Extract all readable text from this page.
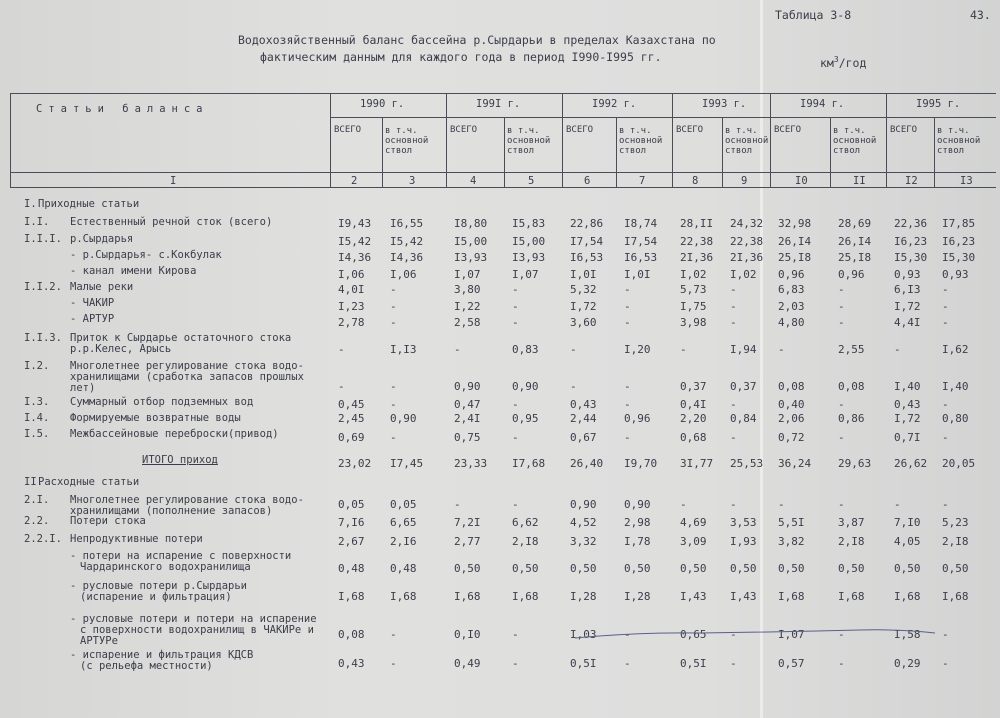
Таблица 3-8	43.
Водохозяйственный баланс бассейна р.Сырдарьи в пределах Казахстана по
фактическим данным для каждого года в период I990-I995 гг.	$км^3$/год
Статьи баланса	1990 г.	I99I г.	I992 г.	I993 г.	I994 г.	I995 г.
ВСЕГО	в т.ч.
основной
ствол
ВСЕГО	в т.ч.
основной
ствол
ВСЕГО	в т.ч.
основной
ствол
ВСЕГО в т.ч.
основной
ствол
ВСЕГО	в т.ч.
основной
ствол
ВСЕГО в т.ч.
основной
ствол
I	2	3	4	5	6	7	8	9	I0	II	I2	I3
I. Приходные статьи
I.I. Естественный речной сток (всего)	I9,43 I6,55	I8,80 I5,83 22,86 I8,74 28,II 24,32 32,98 28,69 22,36 I7,85
I.I.I. р.Сырдарья	I5,42 I5,42	I5,00 I5,00 I7,54 I7,54 22,38 22,38 26,I4 26,I4 I6,23 I6,23
- р.Сырдарья- с.Кокбулак	I4,36 I4,36	I3,93 I3,93 I6,53 I6,53 2I,36 2I,36 25,I8 25,I8 I5,30 I5,30
- канал имени Кирова	I,06 I,06	I,07	I,07	I,0I	I,0I	I,02 I,02 0,96	0,96	0,93 0,93
I.I.2. Малые реки	4,0I -	3,80	-	5,32	-	5,73 -	6,83	-	6,I3 -
- ЧАКИР	I,23 -	I,22	-	I,72	-	I,75 -	2,03	-	I,72 -
- АРТУР	2,78 -	2,58	-	3,60	-	3,98 -	4,80	-	4,4I -
I.I.3. Приток к Сырдарье остаточного стока
р.р.Келес, Арысь	-	I,I3	-	0,83	-	I,20	-	I,94 -	2,55	-	I,62
I.2. Многолетнее регулирование стока водо-
хранилищами (сработка запасов прошлых
лет)	-	-	0,90	0,90	-	-	0,37 0,37 0,08	0,08	I,40 I,40
I.3. Суммарный отбор подземных вод	0,45 -	0,47	-	0,43	-	0,4I -	0,40	-	0,43 -
I.4. Формируемые возвратные воды	2,45 0,90	2,4I	0,95	2,44	0,96	2,20 0,84 2,06	0,86	I,72 0,80
I.5. Межбассейновые переброски(привод)	0,69 -	0,75	-	0,67	-	0,68 -	0,72	-	0,7I -
ИТОГО приход	23,02 I7,45	23,33 I7,68 26,40 I9,70 3I,77 25,53 36,24 29,63 26,62 20,05
II.
Расходные статьи
2.I. Многолетнее регулирование стока водо-
хранилищами (пополнение запасов)	0,05 0,05	-	-	0,90	0,90	-	-	-	-	-	-
2.2. Потери стока	7,I6 6,65	7,2I	6,62	4,52	2,98	4,69 3,53 5,5I	3,87	7,I0 5,23
2.2.I. Непродуктивные потери	2,67 2,I6	2,77	2,I8	3,32	I,78	3,09 I,93 3,82	2,I8	4,05 2,I8
- потери на испарение с поверхности
Чардаринского водохранилища	0,48 0,48	0,50	0,50	0,50	0,50	0,50 0,50 0,50	0,50	0,50 0,50
- русловые потери р.Сырдарьи
(испарение и фильтрация)	I,68 I,68	I,68	I,68	I,28	I,28	I,43 I,43 I,68	I,68	I,68 I,68
- русловые потери и потери на испарение
с поверхности водохранилищ в ЧАКИРе и
АРТУРе	0,08 -	0,I0	-	I,03	-	0,65 -	I,07	-	I,58 -
- испарение и фильтрация КДСВ
(с рельефа местности)	0,43 -	0,49	-	0,5I	-	0,5I -	0,57	-	0,29 -
